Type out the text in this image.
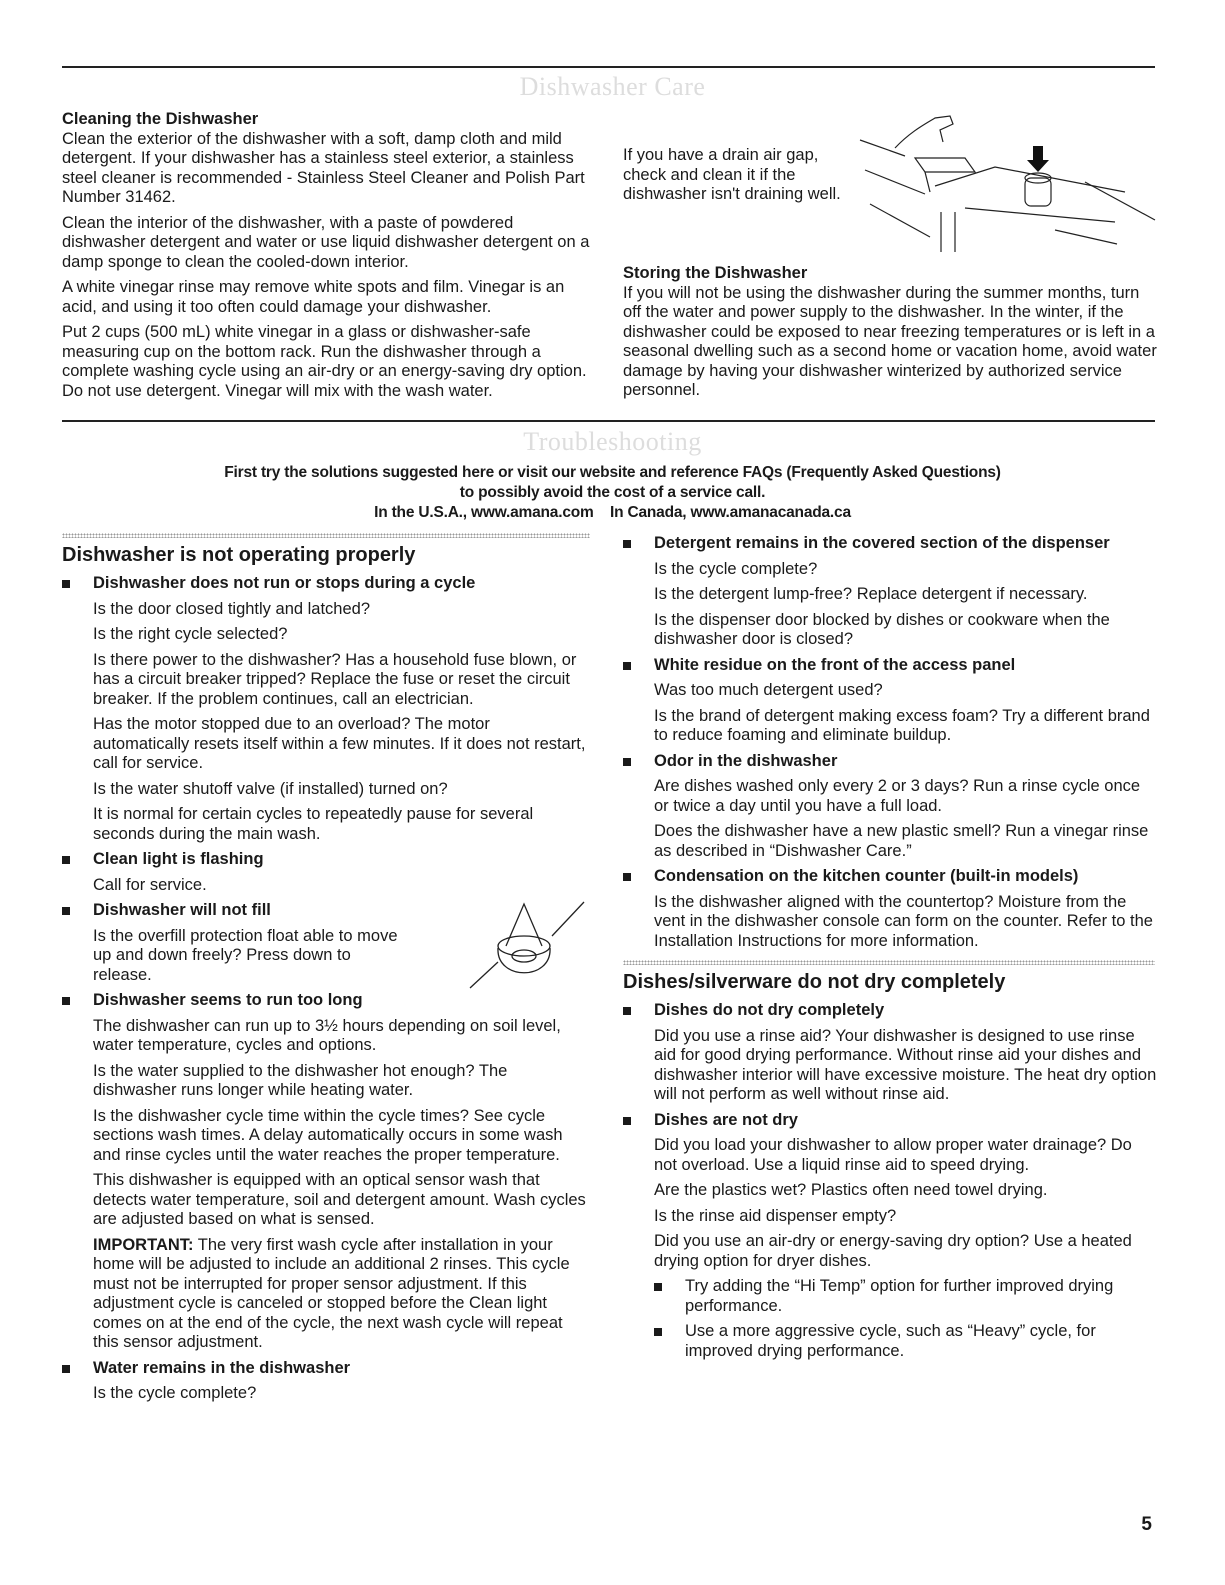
Dishwasher Care

Cleaning the Dishwasher

Clean the exterior of the dishwasher with a soft, damp cloth and mild detergent. If your dishwasher has a stainless steel exterior, a stainless steel cleaner is recommended - Stainless Steel Cleaner and Polish Part Number 31462.

Clean the interior of the dishwasher, with a paste of powdered dishwasher detergent and water or use liquid dishwasher detergent on a damp sponge to clean the cooled-down interior.

A white vinegar rinse may remove white spots and film. Vinegar is an acid, and using it too often could damage your dishwasher.

Put 2 cups (500 mL) white vinegar in a glass or dishwasher-safe measuring cup on the bottom rack. Run the dishwasher through a complete washing cycle using an air-dry or an energy-saving dry option. Do not use detergent. Vinegar will mix with the wash water.

If you have a drain air gap, check and clean it if the dishwasher isn't draining well.

Storing the Dishwasher

If you will not be using the dishwasher during the summer months, turn off the water and power supply to the dishwasher. In the winter, if the dishwasher could be exposed to near freezing temperatures or is left in a seasonal dwelling such as a second home or vacation home, avoid water damage by having your dishwasher winterized by authorized service personnel.

Troubleshooting
First try the solutions suggested here or visit our website and reference FAQs (Frequently Asked Questions)
to possibly avoid the cost of a service call.
In the U.S.A., www.amana.com    In Canada, www.amanacanada.ca
Dishwasher is not operating properly

Dishwasher does not run or stops during a cycle

Is the door closed tightly and latched?

Is the right cycle selected?

Is there power to the dishwasher? Has a household fuse blown, or has a circuit breaker tripped? Replace the fuse or reset the circuit breaker. If the problem continues, call an electrician.

Has the motor stopped due to an overload? The motor automatically resets itself within a few minutes. If it does not restart, call for service.

Is the water shutoff valve (if installed) turned on?

It is normal for certain cycles to repeatedly pause for several seconds during the main wash.

Clean light is flashing

Call for service.

Dishwasher will not fill

Is the overfill protection float able to move up and down freely? Press down to release.

Dishwasher seems to run too long

The dishwasher can run up to 3½ hours depending on soil level, water temperature, cycles and options.

Is the water supplied to the dishwasher hot enough? The dishwasher runs longer while heating water.

Is the dishwasher cycle time within the cycle times? See cycle sections wash times. A delay automatically occurs in some wash and rinse cycles until the water reaches the proper temperature.

This dishwasher is equipped with an optical sensor wash that detects water temperature, soil and detergent amount. Wash cycles are adjusted based on what is sensed.

IMPORTANT: The very first wash cycle after installation in your home will be adjusted to include an additional 2 rinses. This cycle must not be interrupted for proper sensor adjustment. If this adjustment cycle is canceled or stopped before the Clean light comes on at the end of the cycle, the next wash cycle will repeat this sensor adjustment.

Water remains in the dishwasher

Is the cycle complete?

Detergent remains in the covered section of the dispenser

Is the cycle complete?

Is the detergent lump-free? Replace detergent if necessary.

Is the dispenser door blocked by dishes or cookware when the dishwasher door is closed?

White residue on the front of the access panel

Was too much detergent used?

Is the brand of detergent making excess foam? Try a different brand to reduce foaming and eliminate buildup.

Odor in the dishwasher

Are dishes washed only every 2 or 3 days? Run a rinse cycle once or twice a day until you have a full load.

Does the dishwasher have a new plastic smell? Run a vinegar rinse as described in “Dishwasher Care.”

Condensation on the kitchen counter (built-in models)

Is the dishwasher aligned with the countertop? Moisture from the vent in the dishwasher console can form on the counter. Refer to the Installation Instructions for more information.

Dishes/silverware do not dry completely

Dishes do not dry completely

Did you use a rinse aid? Your dishwasher is designed to use rinse aid for good drying performance. Without rinse aid your dishes and dishwasher interior will have excessive moisture. The heat dry option will not perform as well without rinse aid.

Dishes are not dry

Did you load your dishwasher to allow proper water drainage? Do not overload. Use a liquid rinse aid to speed drying.

Are the plastics wet? Plastics often need towel drying.

Is the rinse aid dispenser empty?

Did you use an air-dry or energy-saving dry option? Use a heated drying option for dryer dishes.

Try adding the “Hi Temp” option for further improved drying performance.
Use a more aggressive cycle, such as “Heavy” cycle, for improved drying performance.
5
